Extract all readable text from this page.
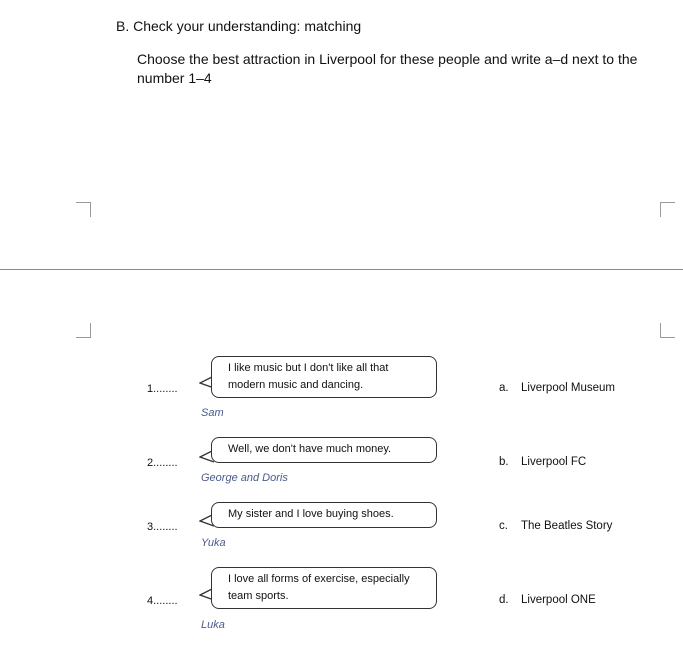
B. Check your understanding: matching
Choose the best attraction in Liverpool for these people and write a–d next to the number 1–4
1........
I like music but I don't like all that modern music and dancing.
Sam
2........
Well, we don't have much money.
George and Doris
3........
My sister and I love buying shoes.
Yuka
4........
I love all forms of exercise, especially team sports.
Luka
a. Liverpool Museum
b. Liverpool FC
c. The Beatles Story
d. Liverpool ONE
